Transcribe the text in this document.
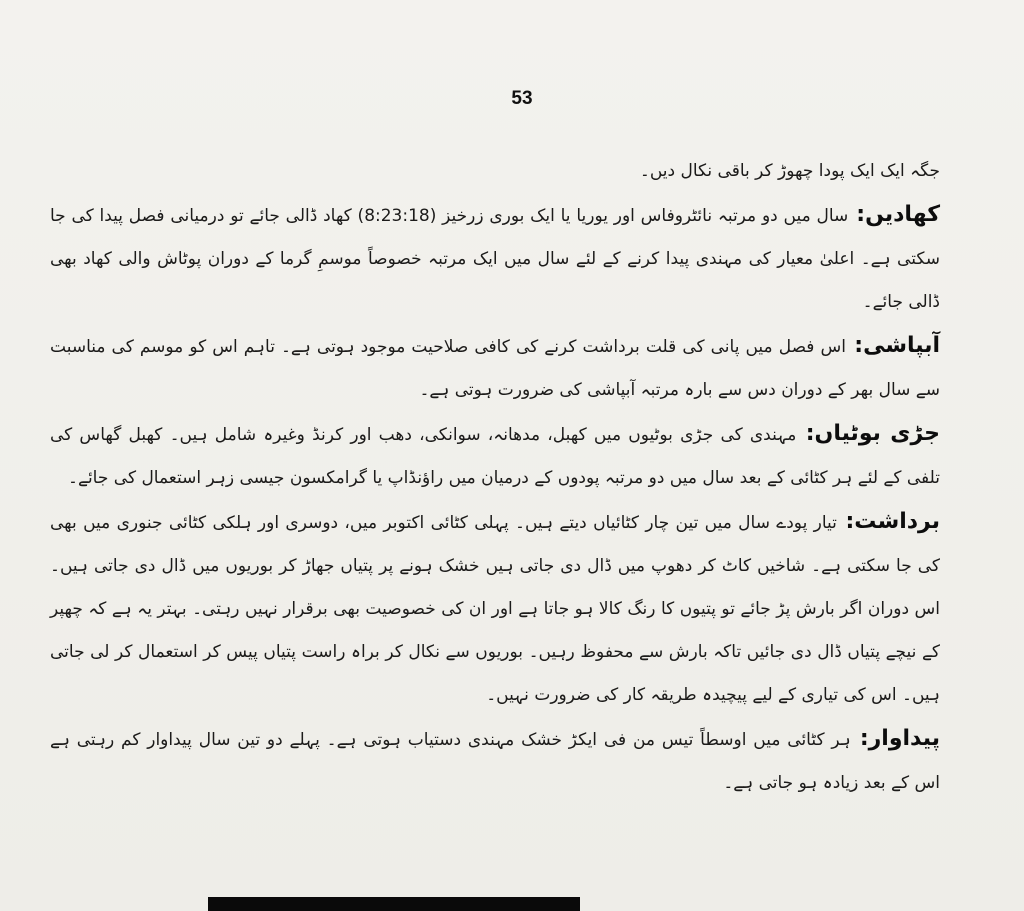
53

جگہ ایک ایک پودا چھوڑ کر باقی نکال دیں۔

کھادیں: سال میں دو مرتبہ نائٹروفاس اور یوریا یا ایک بوری زرخیز (8:23:18) کھاد ڈالی جائے تو درمیانی فصل پیدا کی جا سکتی ہے۔ اعلیٰ معیار کی مہندی پیدا کرنے کے لئے سال میں ایک مرتبہ خصوصاً موسمِ گرما کے دوران پوٹاش والی کھاد بھی ڈالی جائے۔

آبپاشی: اس فصل میں پانی کی قلت برداشت کرنے کی کافی صلاحیت موجود ہوتی ہے۔ تاہم اس کو موسم کی مناسبت سے سال بھر کے دوران دس سے بارہ مرتبہ آبپاشی کی ضرورت ہوتی ہے۔

جڑی بوٹیاں: مہندی کی جڑی بوٹیوں میں کھبل، مدھانہ، سوانکی، دھب اور کرنڈ وغیرہ شامل ہیں۔ کھبل گھاس کی تلفی کے لئے ہر کٹائی کے بعد سال میں دو مرتبہ پودوں کے درمیان میں راؤنڈاپ یا گرامکسون جیسی زہر استعمال کی جائے۔

برداشت: تیار پودے سال میں تین چار کٹائیاں دیتے ہیں۔ پہلی کٹائی اکتوبر میں، دوسری اور ہلکی کٹائی جنوری میں بھی کی جا سکتی ہے۔ شاخیں کاٹ کر دھوپ میں ڈال دی جاتی ہیں خشک ہونے پر پتیاں جھاڑ کر بوریوں میں ڈال دی جاتی ہیں۔ اس دوران اگر بارش پڑ جائے تو پتیوں کا رنگ کالا ہو جاتا ہے اور ان کی خصوصیت بھی برقرار نہیں رہتی۔ بہتر یہ ہے کہ چھپر کے نیچے پتیاں ڈال دی جائیں تاکہ بارش سے محفوظ رہیں۔ بوریوں سے نکال کر براہ راست پتیاں پیس کر استعمال کر لی جاتی ہیں۔ اس کی تیاری کے لیے پیچیدہ طریقہ کار کی ضرورت نہیں۔

پیداوار: ہر کٹائی میں اوسطاً تیس من فی ایکڑ خشک مہندی دستیاب ہوتی ہے۔ پہلے دو تین سال پیداوار کم رہتی ہے اس کے بعد زیادہ ہو جاتی ہے۔
